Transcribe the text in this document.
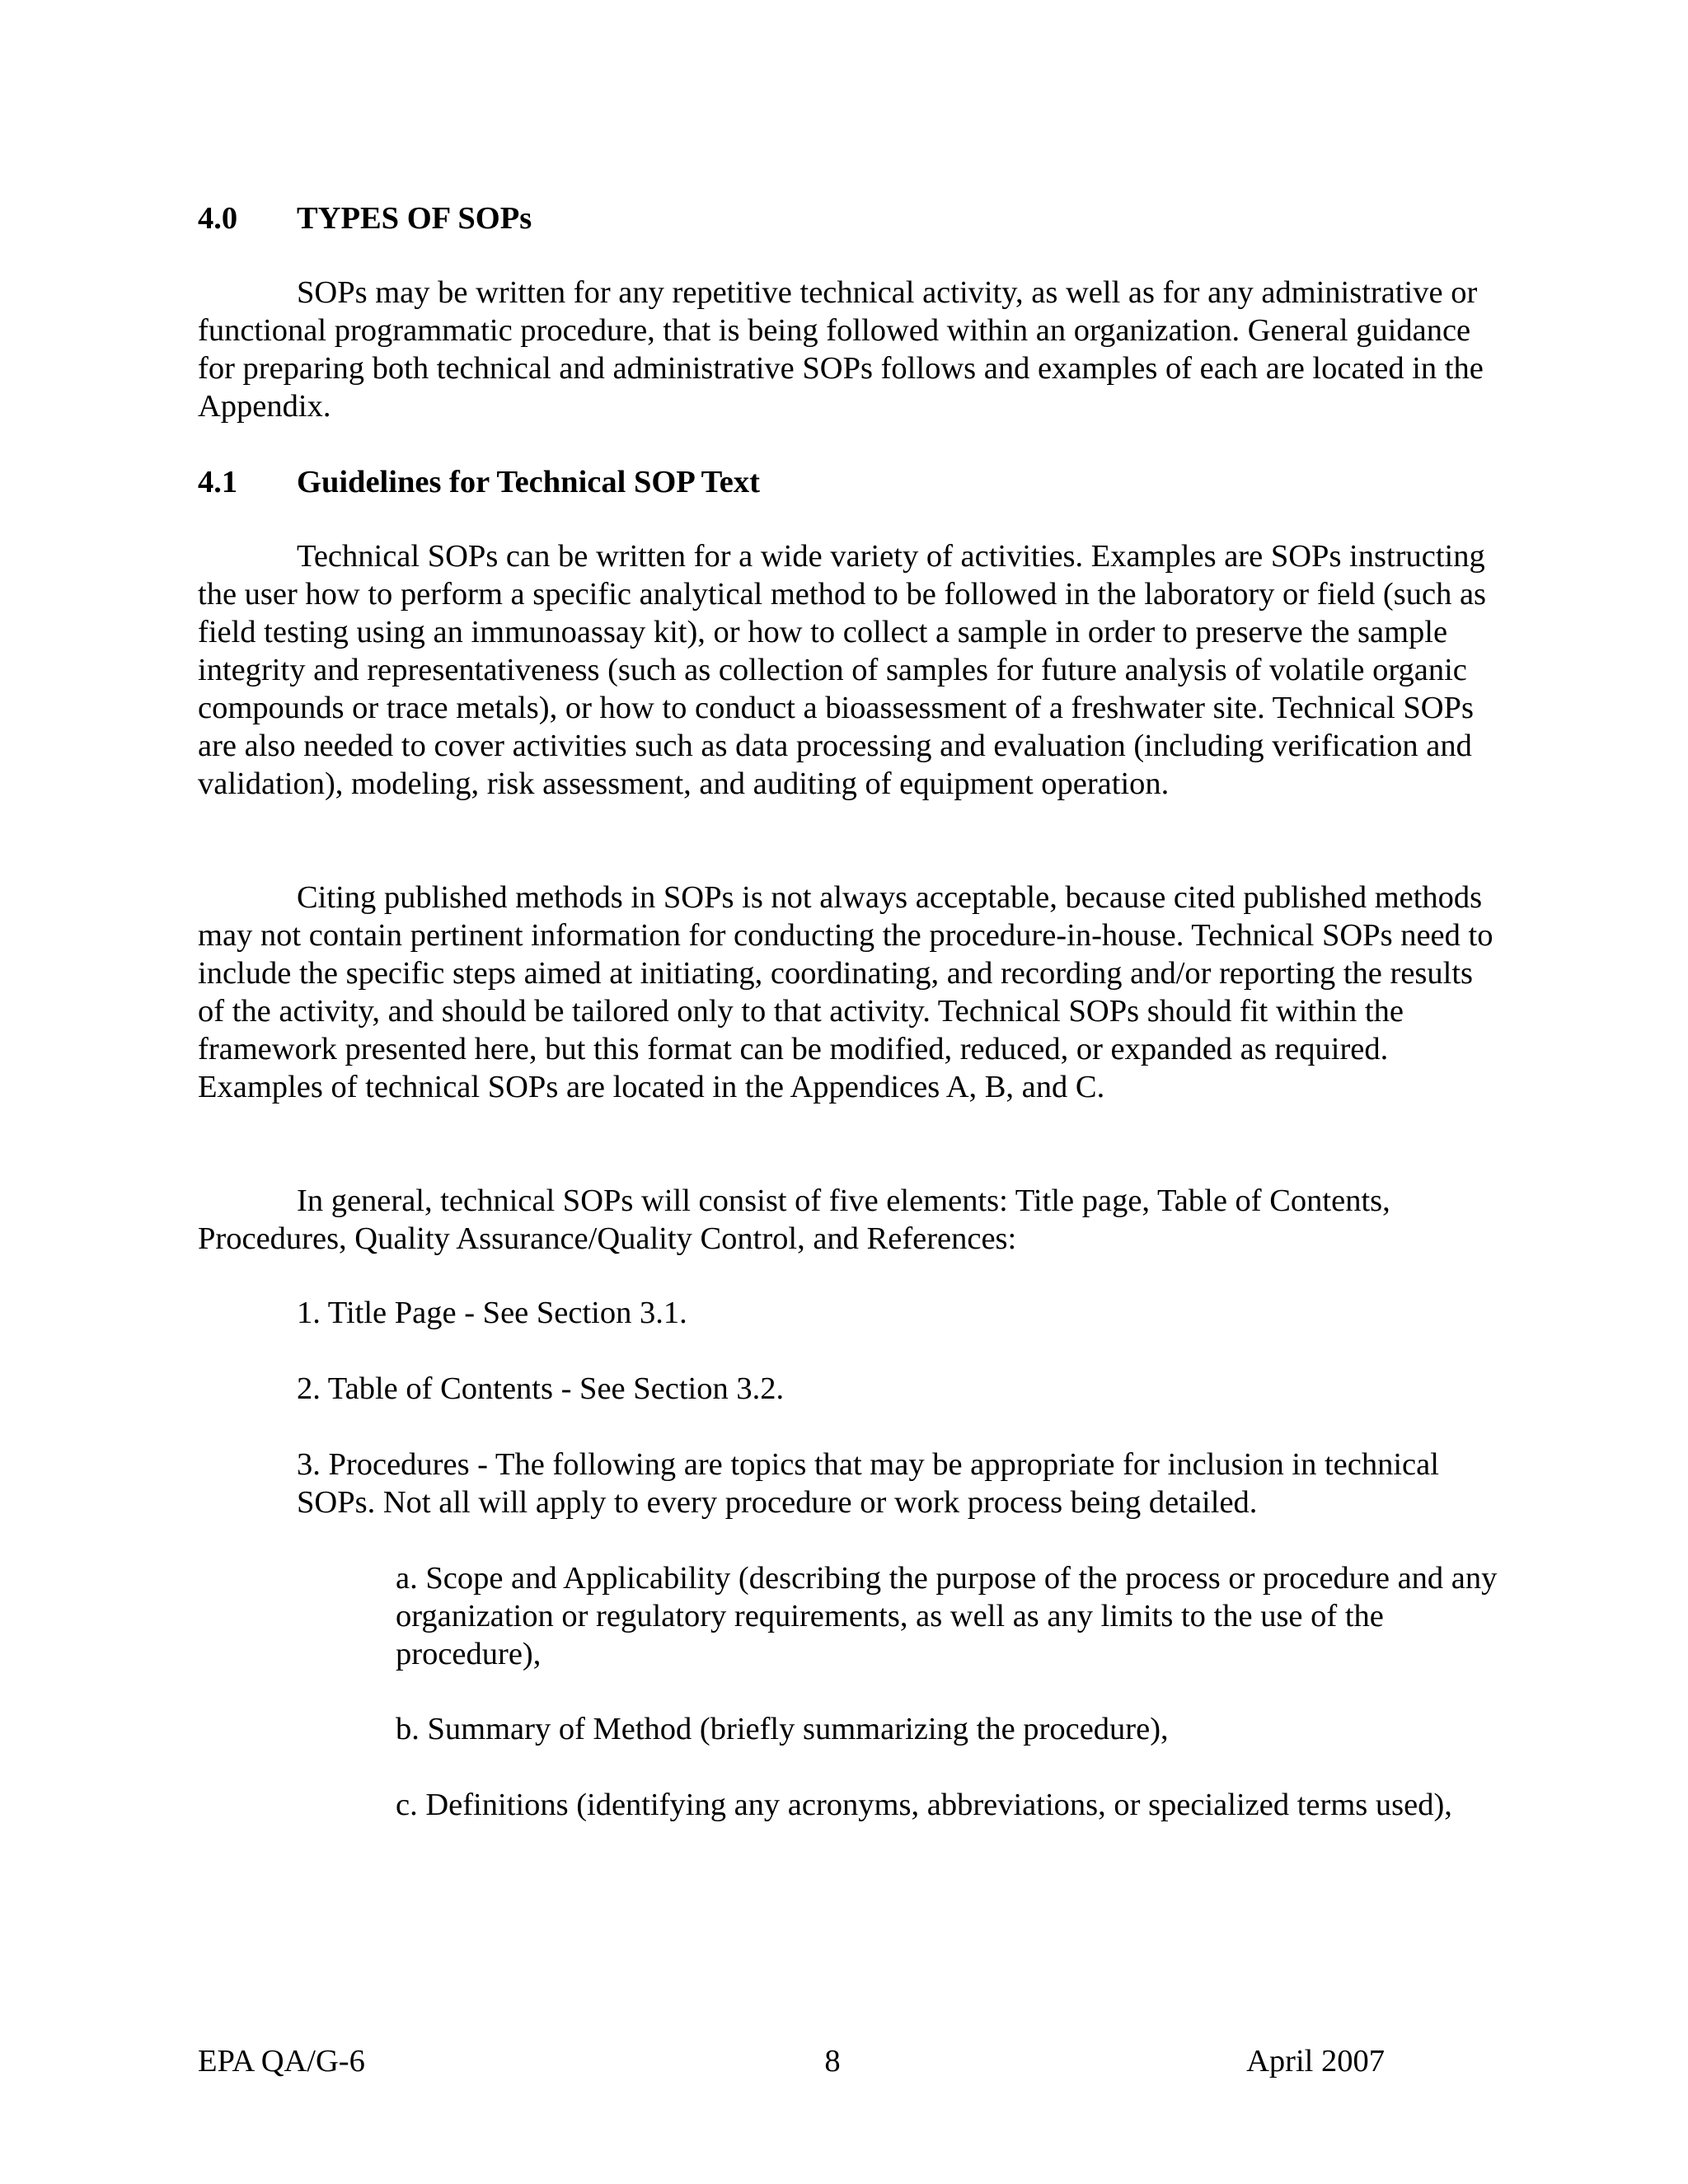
4.0	TYPES OF SOPs

SOPs may be written for any repetitive technical activity, as well as for any administrative or functional programmatic procedure, that is being followed within an organization. General guidance for preparing both technical and administrative SOPs follows and examples of each are located in the Appendix.

4.1	Guidelines for Technical SOP Text

Technical SOPs can be written for a wide variety of activities. Examples are SOPs instructing the user how to perform a specific analytical method to be followed in the laboratory or field (such as field testing using an immunoassay kit), or how to collect a sample in order to preserve the sample integrity and representativeness (such as collection of samples for future analysis of volatile organic compounds or trace metals), or how to conduct a bioassessment of a freshwater site. Technical SOPs are also needed to cover activities such as data processing and evaluation (including verification and validation), modeling, risk assessment, and auditing of equipment operation.

Citing published methods in SOPs is not always acceptable, because cited published methods may not contain pertinent information for conducting the procedure-in-house. Technical SOPs need to include the specific steps aimed at initiating, coordinating, and recording and/or reporting the results of the activity, and should be tailored only to that activity. Technical SOPs should fit within the framework presented here, but this format can be modified, reduced, or expanded as required. Examples of technical SOPs are located in the Appendices A, B, and C.

In general, technical SOPs will consist of five elements: Title page, Table of Contents, Procedures, Quality Assurance/Quality Control, and References:

1. Title Page - See Section 3.1.

2. Table of Contents - See Section 3.2.

3. Procedures - The following are topics that may be appropriate for inclusion in technical SOPs. Not all will apply to every procedure or work process being detailed.

a. Scope and Applicability (describing the purpose of the process or procedure and any organization or regulatory requirements, as well as any limits to the use of the procedure),

b. Summary of Method (briefly summarizing the procedure),

c. Definitions (identifying any acronyms, abbreviations, or specialized terms used),

EPA QA/G-6	8	April 2007
